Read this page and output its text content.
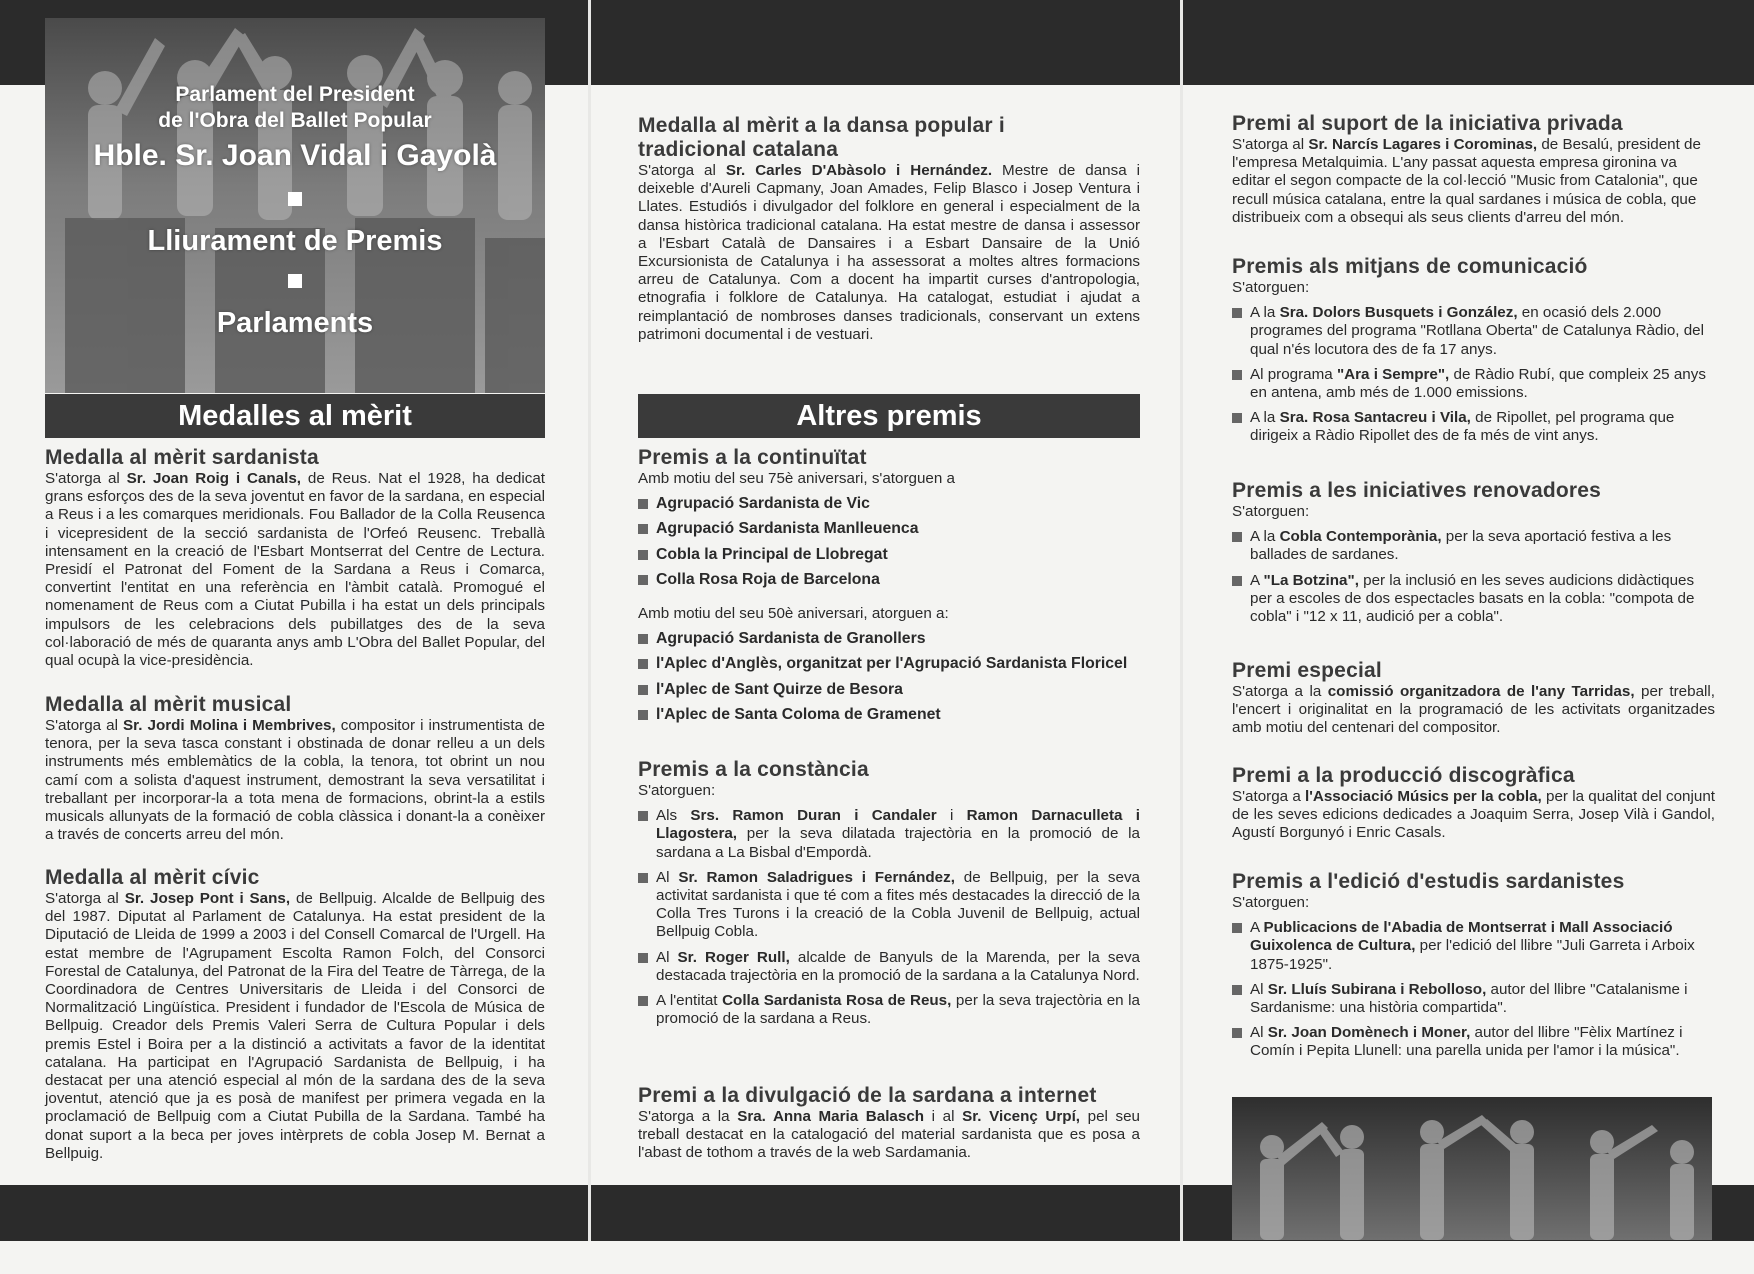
Parlament del President
de l'Obra del Ballet Popular
Hble. Sr. Joan Vidal i Gayolà
Lliurament de Premis
Parlaments
Medalles al mèrit
Medalla al mèrit sardanista

S'atorga al Sr. Joan Roig i Canals, de Reus. Nat el 1928, ha dedicat grans esforços des de la seva joventut en favor de la sardana, en especial a Reus i a les comarques meridionals. Fou Ballador de la Colla Reusenca i vicepresident de la secció sardanista de l'Orfeó Reusenc. Treballà intensament en la creació de l'Esbart Montserrat del Centre de Lectura. Presidí el Patronat del Foment de la Sardana a Reus i Comarca, convertint l'entitat en una referència en l'àmbit català. Promogué el nomenament de Reus com a Ciutat Pubilla i ha estat un dels principals impulsors de les celebracions dels pubillatges des de la seva col·laboració de més de quaranta anys amb L'Obra del Ballet Popular, del qual ocupà la vice-presidència.

Medalla al mèrit musical

S'atorga al Sr. Jordi Molina i Membrives, compositor i instrumentista de tenora, per la seva tasca constant i obstinada de donar relleu a un dels instruments més emblemàtics de la cobla, la tenora, tot obrint un nou camí com a solista d'aquest instrument, demostrant la seva versatilitat i treballant per incorporar-la a tota mena de formacions, obrint-la a estils musicals allunyats de la formació de cobla clàssica i donant-la a conèixer a través de concerts arreu del món.

Medalla al mèrit cívic

S'atorga al Sr. Josep Pont i Sans, de Bellpuig. Alcalde de Bellpuig des del 1987. Diputat al Parlament de Catalunya. Ha estat president de la Diputació de Lleida de 1999 a 2003 i del Consell Comarcal de l'Urgell. Ha estat membre de l'Agrupament Escolta Ramon Folch, del Consorci Forestal de Catalunya, del Patronat de la Fira del Teatre de Tàrrega, de la Coordinadora de Centres Universitaris de Lleida i del Consorci de Normalització Lingüística. President i fundador de l'Escola de Música de Bellpuig. Creador dels Premis Valeri Serra de Cultura Popular i dels premis Estel i Boira per a la distinció a activitats a favor de la identitat catalana. Ha participat en l'Agrupació Sardanista de Bellpuig, i ha destacat per una atenció especial al món de la sardana des de la seva joventut, atenció que ja es posà de manifest per primera vegada en la proclamació de Bellpuig com a Ciutat Pubilla de la Sardana. També ha donat suport a la beca per joves intèrprets de cobla Josep M. Bernat a Bellpuig.

Medalla al mèrit a la dansa popular i tradicional catalana

S'atorga al Sr. Carles D'Abàsolo i Hernández. Mestre de dansa i deixeble d'Aureli Capmany, Joan Amades, Felip Blasco i Josep Ventura i Llates. Estudiós i divulgador del folklore en general i especialment de la dansa històrica tradicional catalana. Ha estat mestre de dansa i assessor a l'Esbart Català de Dansaires i a Esbart Dansaire de la Unió Excursionista de Catalunya i ha assessorat a moltes altres formacions arreu de Catalunya. Com a docent ha impartit curses d'antropologia, etnografia i folklore de Catalunya. Ha catalogat, estudiat i ajudat a reimplantació de nombroses danses tradicionals, conservant un extens patrimoni documental i de vestuari.

Altres premis
Premis a la continuïtat

Amb motiu del seu 75è aniversari, s'atorguen a

Agrupació Sardanista de Vic
Agrupació Sardanista Manlleuenca
Cobla la Principal de Llobregat
Colla Rosa Roja de Barcelona

Amb motiu del seu 50è aniversari, atorguen a:

Agrupació Sardanista de Granollers
l'Aplec d'Anglès, organitzat per l'Agrupació Sardanista Floricel
l'Aplec de Sant Quirze de Besora
l'Aplec de Santa Coloma de Gramenet
Premis a la constància

S'atorguen:

Als Srs. Ramon Duran i Candaler i Ramon Darnaculleta i Llagostera, per la seva dilatada trajectòria en la promoció de la sardana a La Bisbal d'Empordà.
Al Sr. Ramon Saladrigues i Fernández, de Bellpuig, per la seva activitat sardanista i que té com a fites més destacades la direcció de la Colla Tres Turons i la creació de la Cobla Juvenil de Bellpuig, actual Bellpuig Cobla.
Al Sr. Roger Rull, alcalde de Banyuls de la Marenda, per la seva destacada trajectòria en la promoció de la sardana a la Catalunya Nord.
A l'entitat Colla Sardanista Rosa de Reus, per la seva trajectòria en la promoció de la sardana a Reus.
Premi a la divulgació de la sardana a internet

S'atorga a la Sra. Anna Maria Balasch i al Sr. Vicenç Urpí, pel seu treball destacat en la catalogació del material sardanista que es posa a l'abast de tothom a través de la web Sardamania.

Premi al suport de la iniciativa privada

S'atorga al Sr. Narcís Lagares i Corominas, de Besalú, president de l'empresa Metalquimia. L'any passat aquesta empresa gironina va editar el segon compacte de la col·lecció "Music from Catalonia", que recull música catalana, entre la qual sardanes i música de cobla, que distribueix com a obsequi als seus clients d'arreu del món.

Premis als mitjans de comunicació

S'atorguen:

A la Sra. Dolors Busquets i González, en ocasió dels 2.000 programes del programa "Rotllana Oberta" de Catalunya Ràdio, del qual n'és locutora des de fa 17 anys.
Al programa "Ara i Sempre", de Ràdio Rubí, que compleix 25 anys en antena, amb més de 1.000 emissions.
A la Sra. Rosa Santacreu i Vila, de Ripollet, pel programa que dirigeix a Ràdio Ripollet des de fa més de vint anys.
Premis a les iniciatives renovadores

S'atorguen:

A la Cobla Contemporània, per la seva aportació festiva a les ballades de sardanes.
A "La Botzina", per la inclusió en les seves audicions didàctiques per a escoles de dos espectacles basats en la cobla: "compota de cobla" i "12 x 11, audició per a cobla".
Premi especial

S'atorga a la comissió organitzadora de l'any Tarridas, per treball, l'encert i originalitat en la programació de les activitats organitzades amb motiu del centenari del compositor.

Premi a la producció discogràfica

S'atorga a l'Associació Músics per la cobla, per la qualitat del conjunt de les seves edicions dedicades a Joaquim Serra, Josep Vilà i Gandol, Agustí Borgunyó i Enric Casals.

Premis a l'edició d'estudis sardanistes

S'atorguen:

A Publicacions de l'Abadia de Montserrat i Mall Associació Guixolenca de Cultura, per l'edició del llibre "Juli Garreta i Arboix 1875-1925".
Al Sr. Lluís Subirana i Rebolloso, autor del llibre "Catalanisme i Sardanisme: una història compartida".
Al Sr. Joan Domènech i Moner, autor del llibre "Fèlix Martínez i Comín i Pepita Llunell: una parella unida per l'amor i la música".
